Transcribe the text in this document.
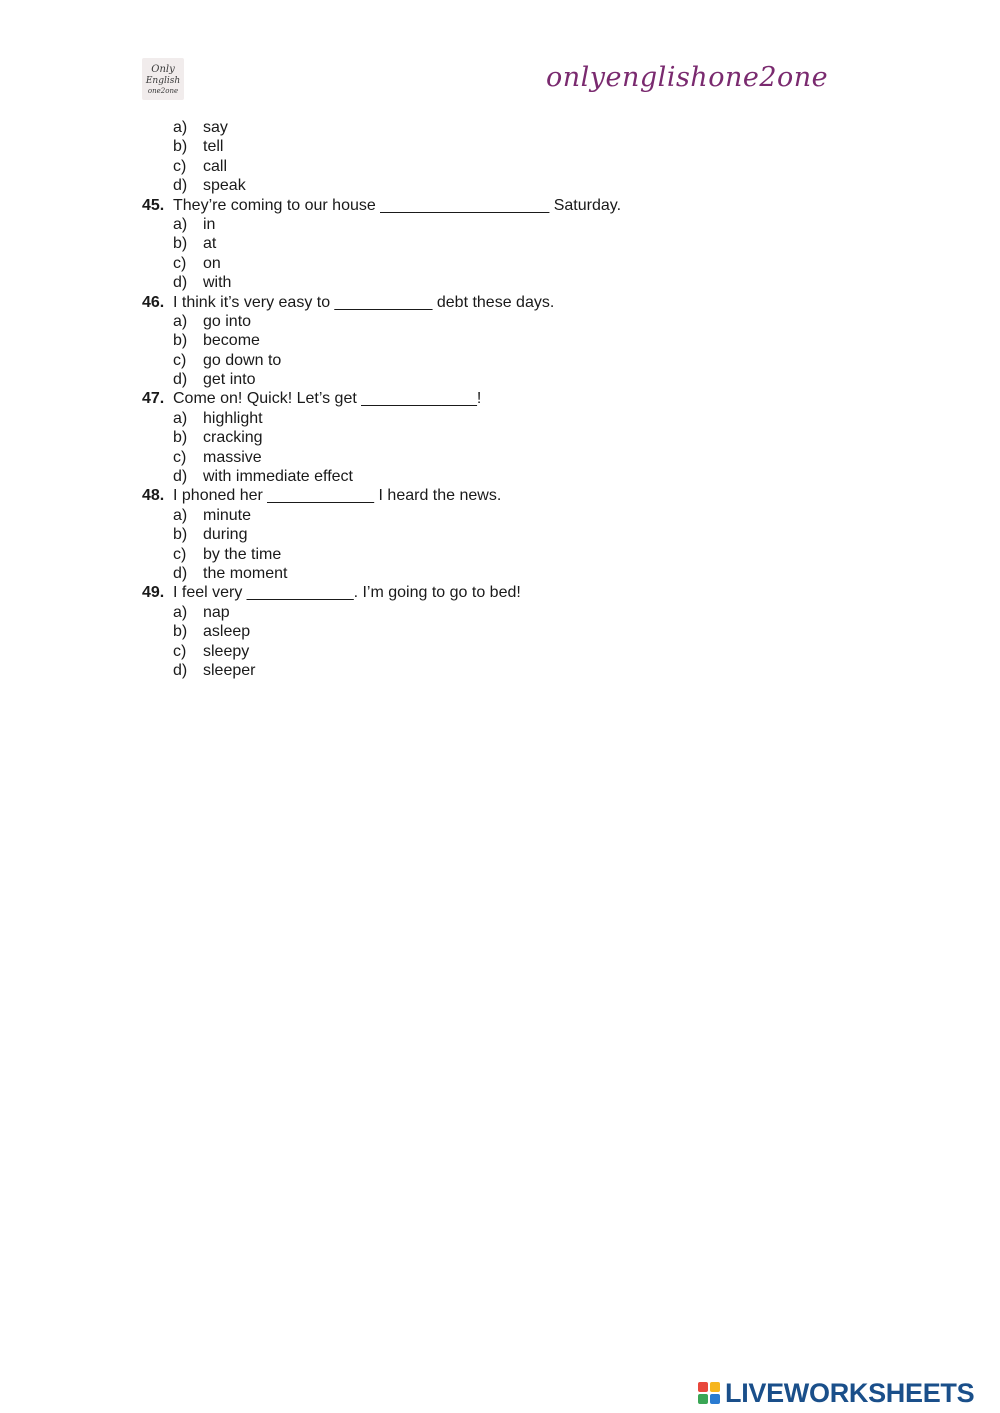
Only
English
one2one	onlyenglishone2one
a) say
b) tell
c) call
d) speak
45. They’re coming to our house ___________________ Saturday.
a) in
b) at
c) on
d) with
46. I think it’s very easy to ___________ debt these days.
a) go into
b) become
c) go down to
d) get into
47. Come on! Quick! Let’s get _____________!
a) highlight
b) cracking
c) massive
d) with immediate effect
48. I phoned her ____________ I heard the news.
a) minute
b) during
c) by the time
d) the moment
49. I feel very ____________. I’m going to go to bed!
a) nap
b) asleep
c) sleepy
d) sleeper
LIVEWORKSHEETS
